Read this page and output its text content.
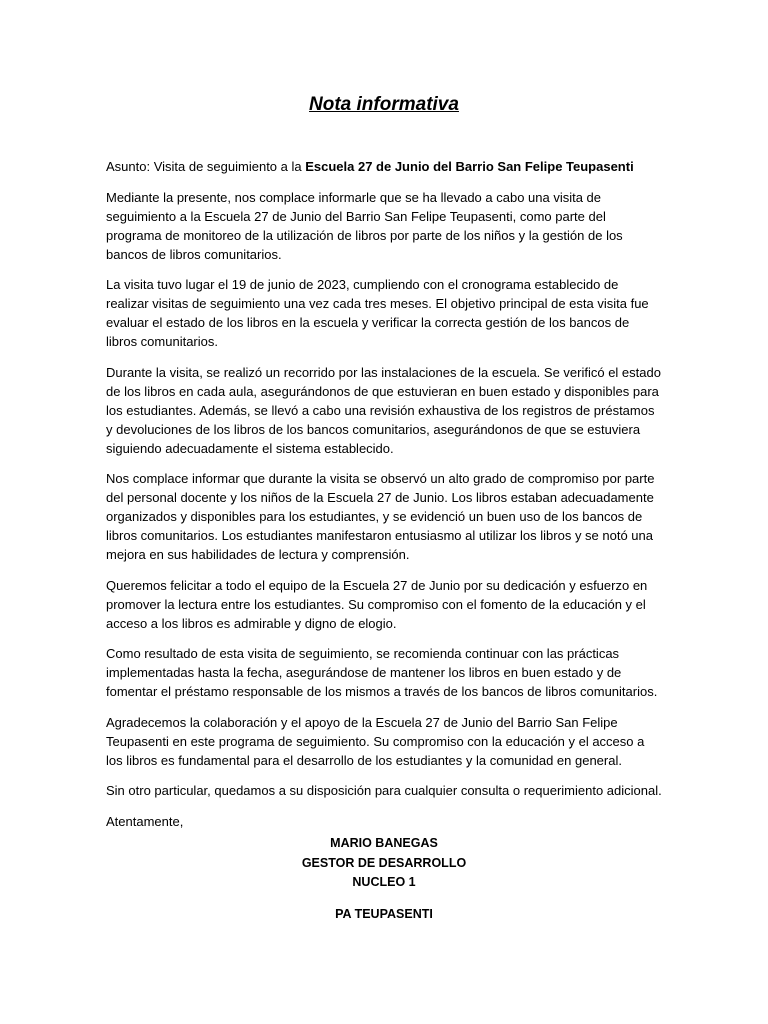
Nota informativa

Asunto: Visita de seguimiento a la Escuela 27 de Junio del Barrio San Felipe Teupasenti

Mediante la presente, nos complace informarle que se ha llevado a cabo una visita de seguimiento a la Escuela 27 de Junio del Barrio San Felipe Teupasenti, como parte del programa de monitoreo de la utilización de libros por parte de los niños y la gestión de los bancos de libros comunitarios.

La visita tuvo lugar el 19 de junio de 2023, cumpliendo con el cronograma establecido de realizar visitas de seguimiento una vez cada tres meses. El objetivo principal de esta visita fue evaluar el estado de los libros en la escuela y verificar la correcta gestión de los bancos de libros comunitarios.

Durante la visita, se realizó un recorrido por las instalaciones de la escuela. Se verificó el estado de los libros en cada aula, asegurándonos de que estuvieran en buen estado y disponibles para los estudiantes. Además, se llevó a cabo una revisión exhaustiva de los registros de préstamos y devoluciones de los libros de los bancos comunitarios, asegurándonos de que se estuviera siguiendo adecuadamente el sistema establecido.

Nos complace informar que durante la visita se observó un alto grado de compromiso por parte del personal docente y los niños de la Escuela 27 de Junio. Los libros estaban adecuadamente organizados y disponibles para los estudiantes, y se evidenció un buen uso de los bancos de libros comunitarios. Los estudiantes manifestaron entusiasmo al utilizar los libros y se notó una mejora en sus habilidades de lectura y comprensión.

Queremos felicitar a todo el equipo de la Escuela 27 de Junio por su dedicación y esfuerzo en promover la lectura entre los estudiantes. Su compromiso con el fomento de la educación y el acceso a los libros es admirable y digno de elogio.

Como resultado de esta visita de seguimiento, se recomienda continuar con las prácticas implementadas hasta la fecha, asegurándose de mantener los libros en buen estado y de fomentar el préstamo responsable de los mismos a través de los bancos de libros comunitarios.

Agradecemos la colaboración y el apoyo de la Escuela 27 de Junio del Barrio San Felipe Teupasenti en este programa de seguimiento. Su compromiso con la educación y el acceso a los libros es fundamental para el desarrollo de los estudiantes y la comunidad en general.

Sin otro particular, quedamos a su disposición para cualquier consulta o requerimiento adicional.

Atentamente,

MARIO BANEGAS
GESTOR DE DESARROLLO
NUCLEO 1
PA TEUPASENTI
